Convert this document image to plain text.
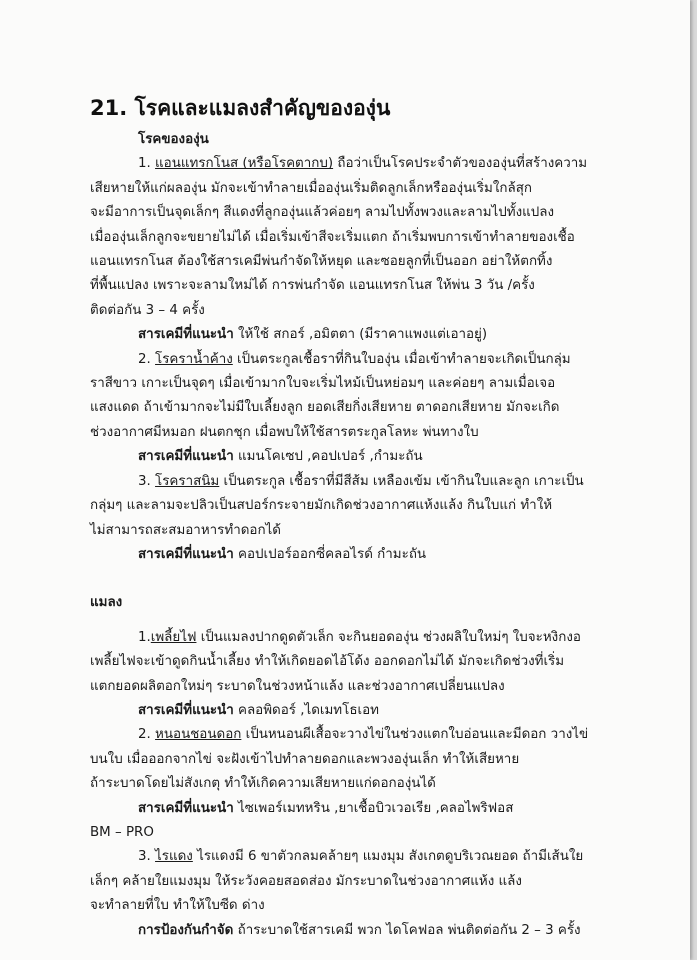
21. โรคและแมลงสำคัญขององุ่น
โรคขององุ่น
1. แอนแทรกโนส (หรือโรคตากบ) ถือว่าเป็นโรคประจำตัวขององุ่นที่สร้างความ
เสียหายให้แก่ผลองุ่น มักจะเข้าทำลายเมื่อองุ่นเริ่มติดลูกเล็กหรือองุ่นเริ่มใกล้สุก
จะมีอาการเป็นจุดเล็กๆ สีแดงที่ลูกองุ่นแล้วค่อยๆ ลามไปทั้งพวงและลามไปทั้งแปลง
เมื่อองุ่นเล็กลูกจะขยายไม่ได้ เมื่อเริ่มเข้าสีจะเริ่มแตก ถ้าเริ่มพบการเข้าทำลายของเชื้อ
แอนแทรกโนส ต้องใช้สารเคมีพ่นกำจัดให้หยุด และซอยลูกที่เป็นออก อย่าให้ตกทิ้ง
ที่พื้นแปลง เพราะจะลามใหม่ได้ การพ่นกำจัด แอนแทรกโนส ให้พ่น 3 วัน /ครั้ง
ติดต่อกัน 3 – 4 ครั้ง
สารเคมีที่แนะนำ ให้ใช้ สกอร์ ,อมิตตา (มีราคาแพงแต่เอาอยู่)
2. โรคราน้ำค้าง เป็นตระกูลเชื้อราที่กินใบองุ่น เมื่อเข้าทำลายจะเกิดเป็นกลุ่ม
ราสีขาว เกาะเป็นจุดๆ เมื่อเข้ามากใบจะเริ่มไหม้เป็นหย่อมๆ และค่อยๆ ลามเมื่อเจอ
แสงแดด ถ้าเข้ามากจะไม่มีใบเลี้ยงลูก ยอดเสียกิ่งเสียหาย ตาดอกเสียหาย มักจะเกิด
ช่วงอากาศมีหมอก ฝนตกชุก เมื่อพบให้ใช้สารตระกูลโลหะ พ่นทางใบ
สารเคมีที่แนะนำ แมนโคเซป ,คอปเปอร์ ,กำมะถัน
3. โรคราสนิม เป็นตระกูล เชื้อราที่มีสีส้ม เหลืองเข้ม เข้ากินใบและลูก เกาะเป็น
กลุ่มๆ และลามจะปลิวเป็นสปอร์กระจายมักเกิดช่วงอากาศแห้งแล้ง กินใบแก่ ทำให้
ไม่สามารถสะสมอาหารทำดอกได้
สารเคมีที่แนะนำ คอปเปอร์ออกซี่คลอไรด์ กำมะถัน
แมลง
1.เพลี้ยไฟ เป็นแมลงปากดูดตัวเล็ก จะกินยอดองุ่น ช่วงผลิใบใหม่ๆ ใบจะหงิกงอ
เพลี้ยไฟจะเข้าดูดกินน้ำเลี้ยง ทำให้เกิดยอดไอ้โด้ง ออกดอกไม่ได้ มักจะเกิดช่วงที่เริ่ม
แตกยอดผลิตอกใหม่ๆ ระบาดในช่วงหน้าแล้ง และช่วงอากาศเปลี่ยนแปลง
สารเคมีที่แนะนำ คลอพิดอร์ ,ไดเมทโธเอท
2. หนอนชอนดอก เป็นหนอนผีเสื้อจะวางไข่ในช่วงแตกใบอ่อนและมีดอก วางไข่
บนใบ เมื่อออกจากไข่ จะฝังเข้าไปทำลายดอกและพวงองุ่นเล็ก ทำให้เสียหาย
ถ้าระบาดโดยไม่สังเกตุ ทำให้เกิดความเสียหายแก่ดอกองุ่นได้
สารเคมีที่แนะนำ ไซเพอร์เมทหริน ,ยาเชื้อบิวเวอเรีย ,คลอไพริฟอส
BM – PRO
3. ไรแดง ไรแดงมี 6 ขาตัวกลมคล้ายๆ แมงมุม สังเกตดูบริเวณยอด ถ้ามีเส้นใย
เล็กๆ คล้ายใยแมงมุม ให้ระวังคอยสอดส่อง มักระบาดในช่วงอากาศแห้ง แล้ง
จะทำลายที่ใบ ทำให้ใบซีด ด่าง
การป้องกันกำจัด ถ้าระบาดใช้สารเคมี พวก ไดโคฟอล พ่นติดต่อกัน 2 – 3 ครั้ง
